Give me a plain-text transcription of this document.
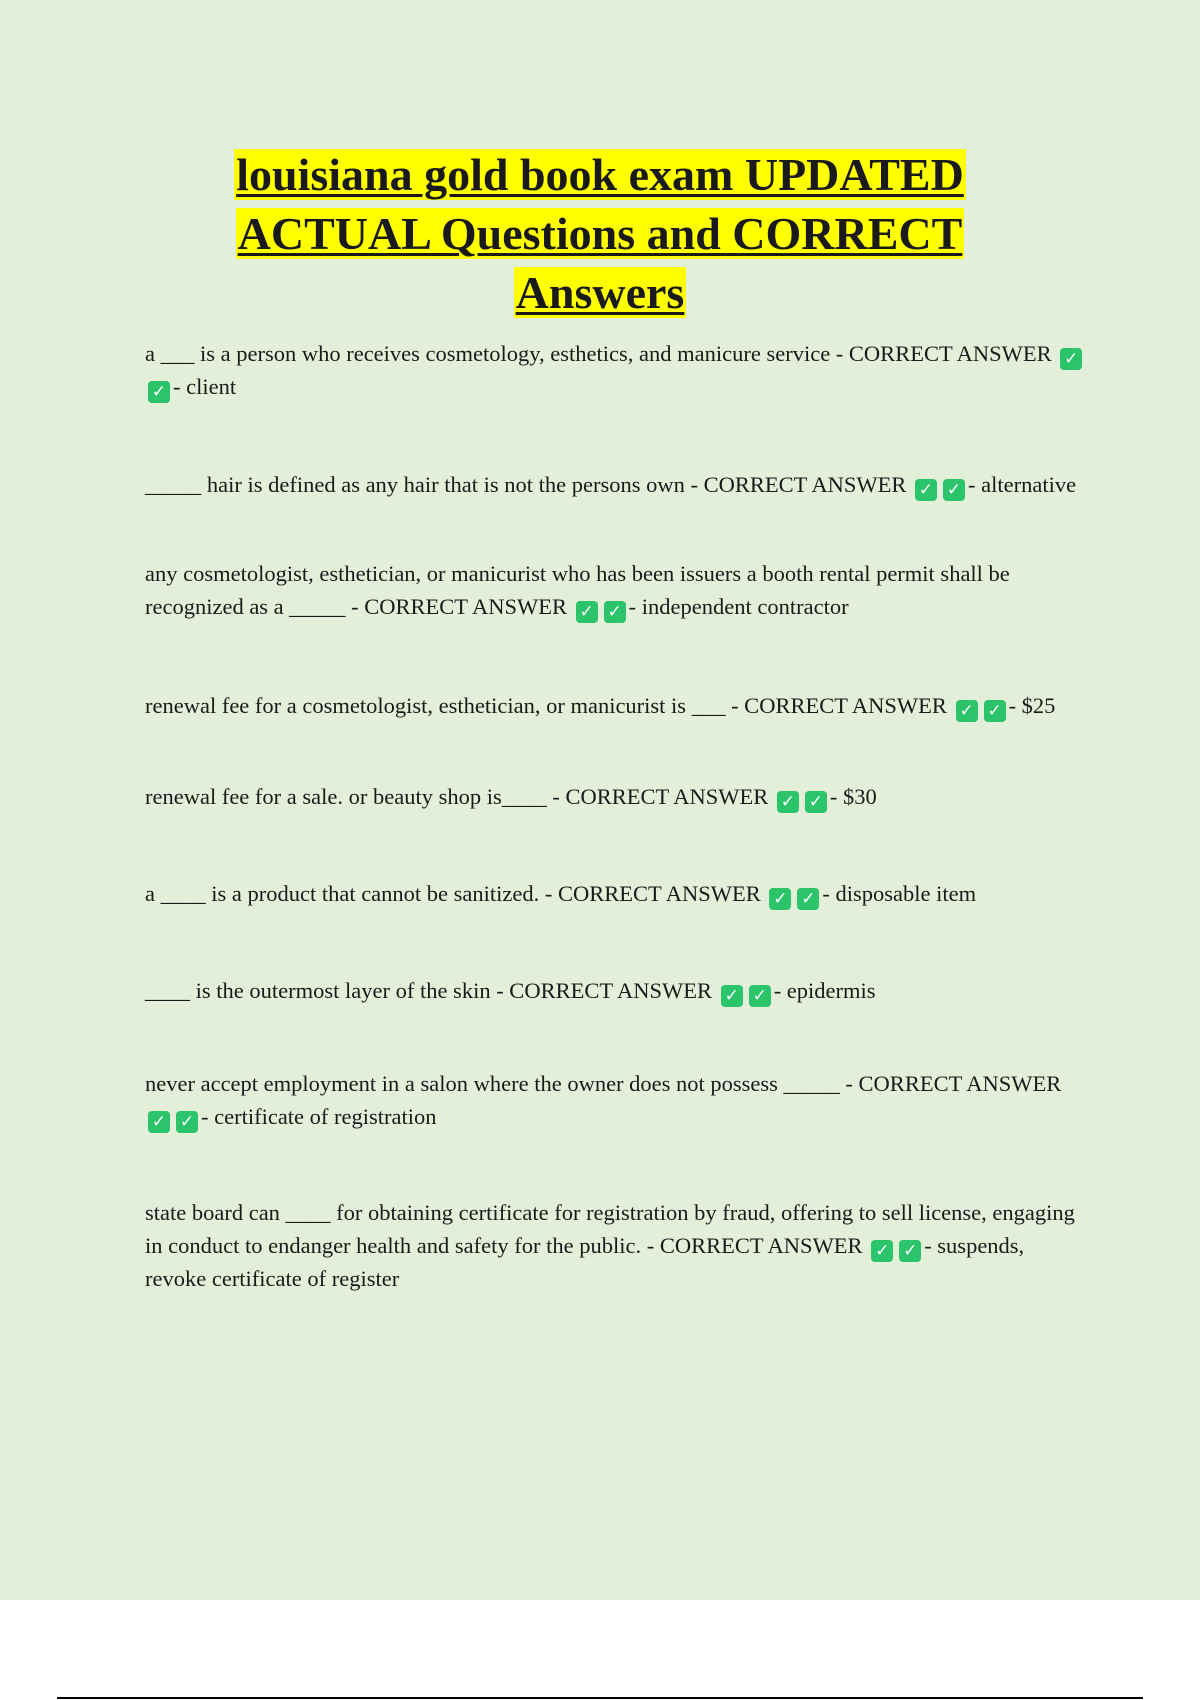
louisiana gold book exam UPDATED ACTUAL Questions and CORRECT Answers

a ___ is a person who receives cosmetology, esthetics, and manicure service - CORRECT ANSWER ✓✓ - client

_____ hair is defined as any hair that is not the persons own - CORRECT ANSWER ✓ ✓ - alternative

any cosmetologist, esthetician, or manicurist who has been issuers a booth rental permit shall be recognized as a _____ - CORRECT ANSWER ✓ ✓ - independent contractor

renewal fee for a cosmetologist, esthetician, or manicurist is ___ - CORRECT ANSWER ✓ ✓ - $25

renewal fee for a sale. or beauty shop is____ - CORRECT ANSWER ✓ ✓ - $30

a ____ is a product that cannot be sanitized. - CORRECT ANSWER ✓ ✓ - disposable item

____ is the outermost layer of the skin - CORRECT ANSWER ✓ ✓ - epidermis

never accept employment in a salon where the owner does not possess _____ - CORRECT ANSWER ✓ ✓ - certificate of registration

state board can ____ for obtaining certificate for registration by fraud, offering to sell license, engaging in conduct to endanger health and safety for the public. - CORRECT ANSWER ✓ ✓ - suspends, revoke certificate of register
